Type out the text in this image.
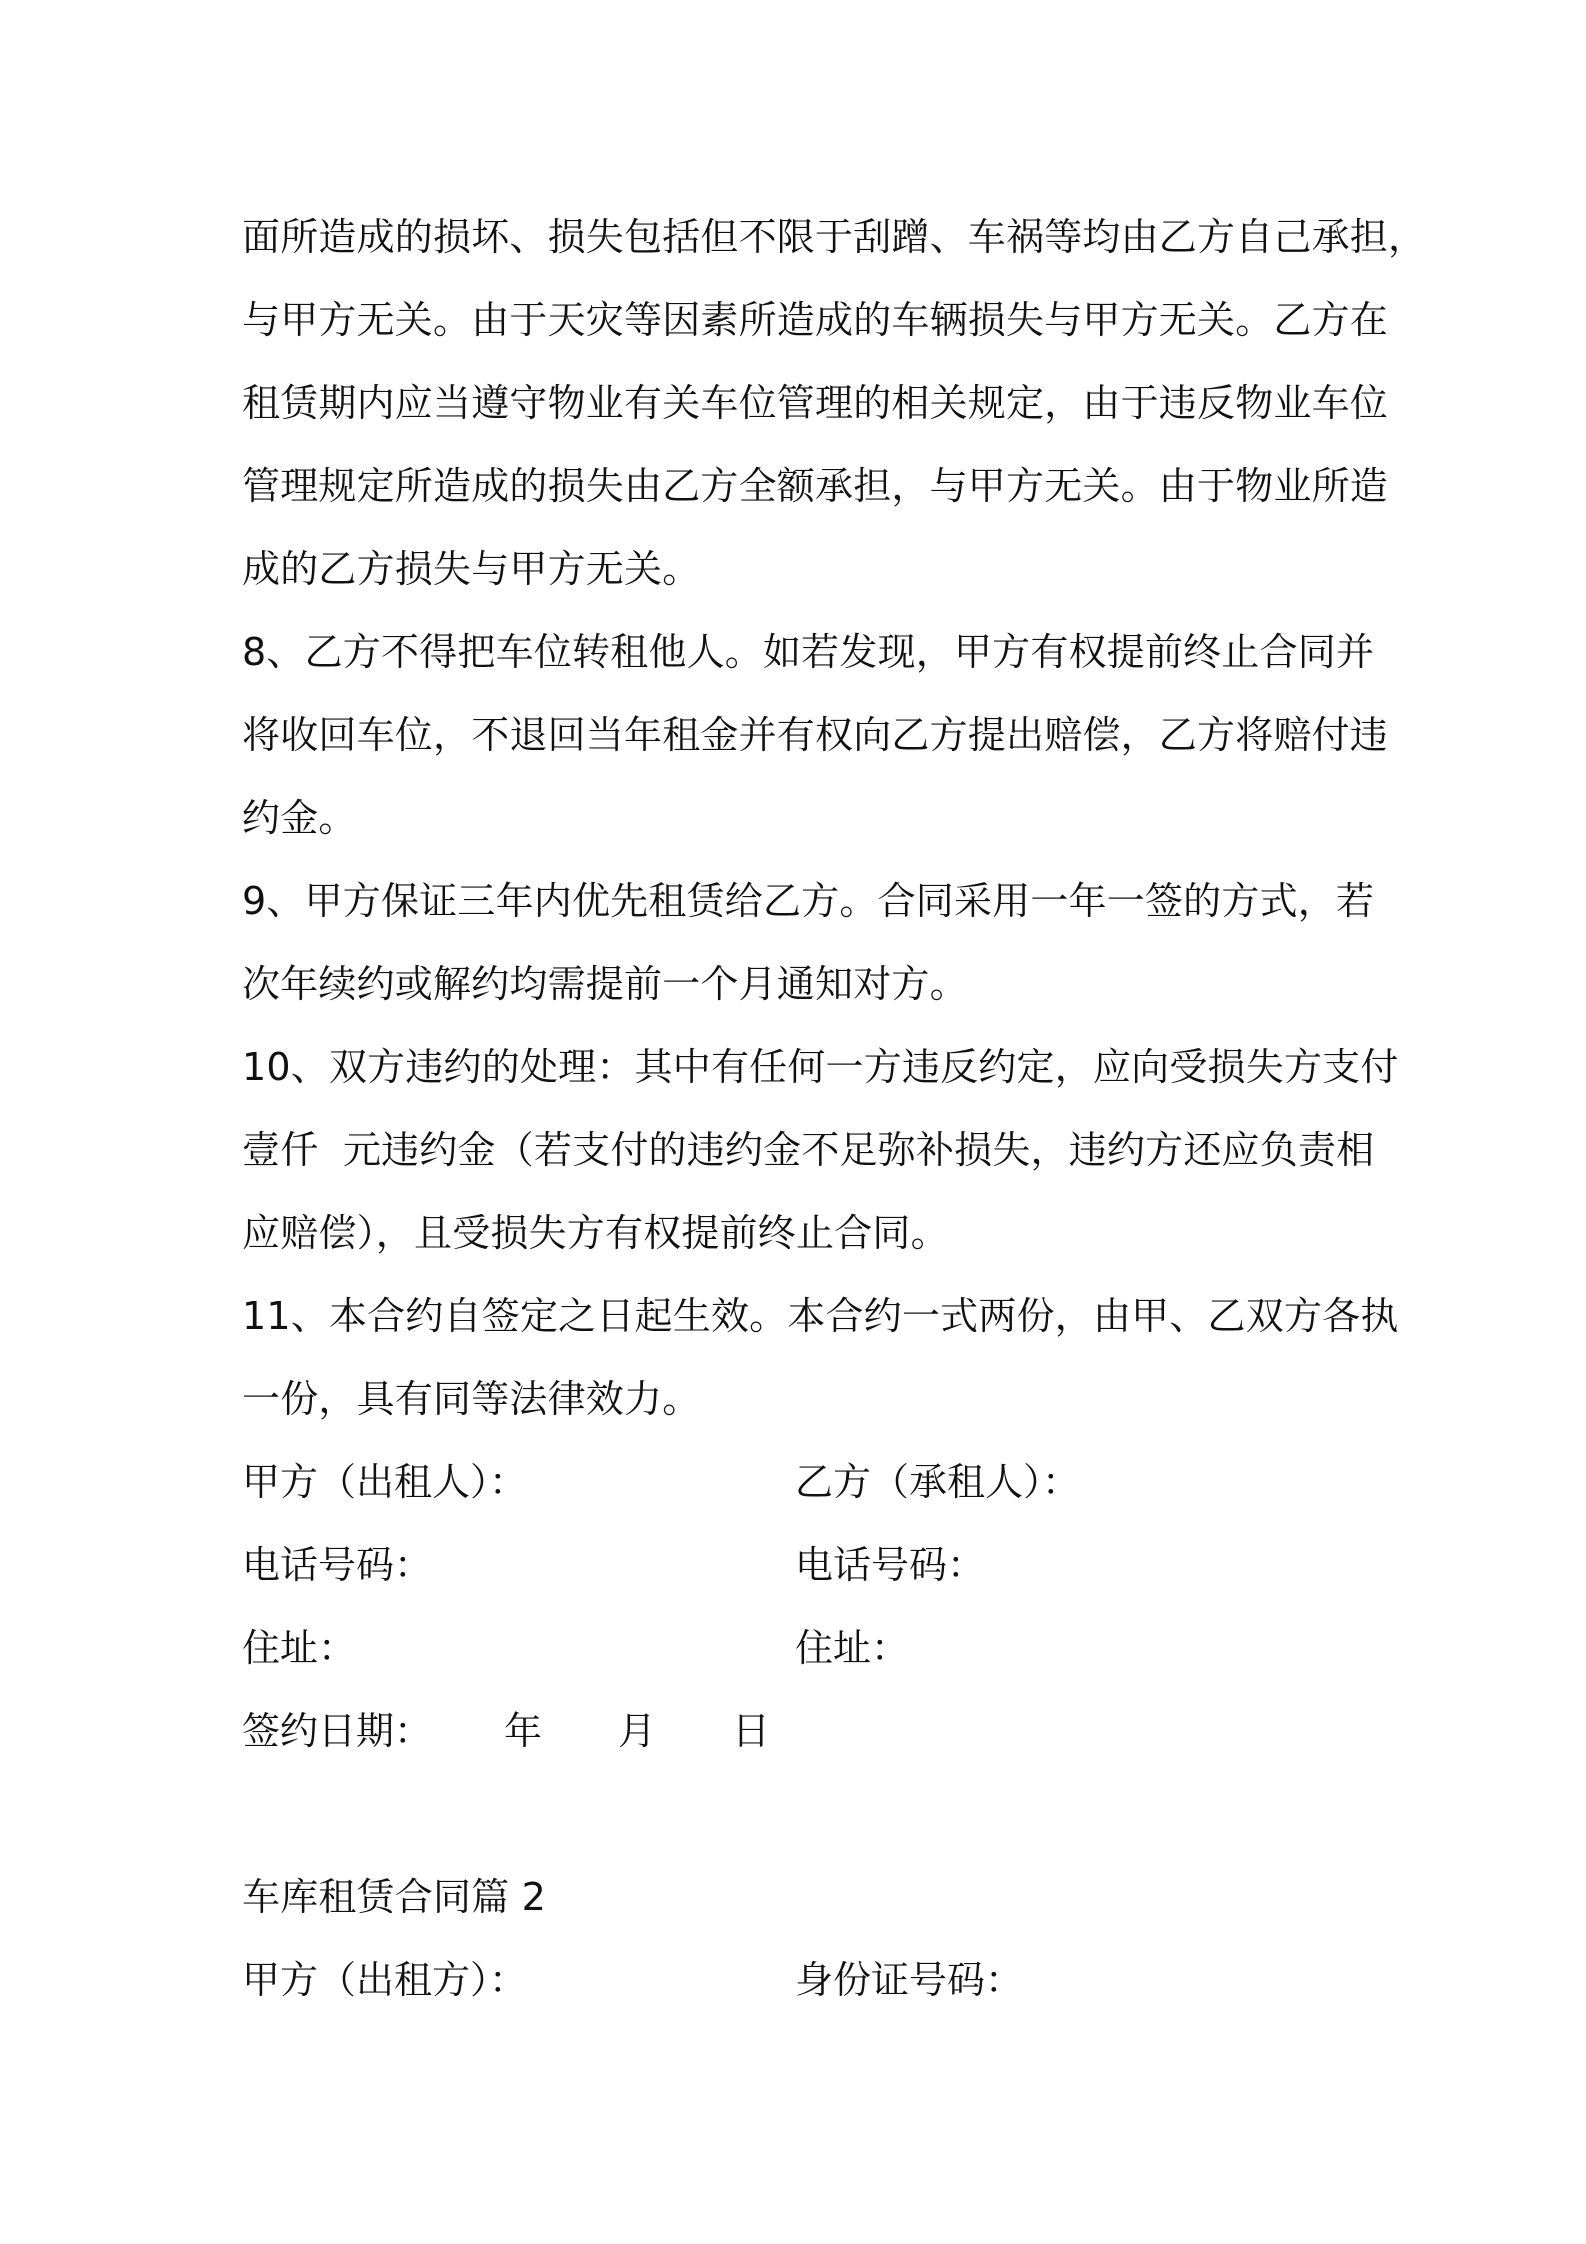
面所造成的损坏、损失包括但不限于刮蹭、车祸等均由乙方自己承担，
与甲方无关。由于天灾等因素所造成的车辆损失与甲方无关。乙方在
租赁期内应当遵守物业有关车位管理的相关规定，由于违反物业车位
管理规定所造成的损失由乙方全额承担，与甲方无关。由于物业所造
成的乙方损失与甲方无关。
8、乙方不得把车位转租他人。如若发现，甲方有权提前终止合同并
将收回车位，不退回当年租金并有权向乙方提出赔偿，乙方将赔付违
约金。
9、甲方保证三年内优先租赁给乙方。合同采用一年一签的方式，若
次年续约或解约均需提前一个月通知对方。
10、双方违约的处理：其中有任何一方违反约定，应向受损失方支付
壹仟  元违约金（若支付的违约金不足弥补损失，违约方还应负责相
应赔偿），且受损失方有权提前终止合同。
11、本合约自签定之日起生效。本合约一式两份，由甲、乙双方各执
一份，具有同等法律效力。
甲方（出租人）：	乙方（承租人）：
电话号码：	电话号码：
住址：	住址：
签约日期： 年 月 日
车库租赁合同篇 2
甲方（出租方）：	身份证号码：
